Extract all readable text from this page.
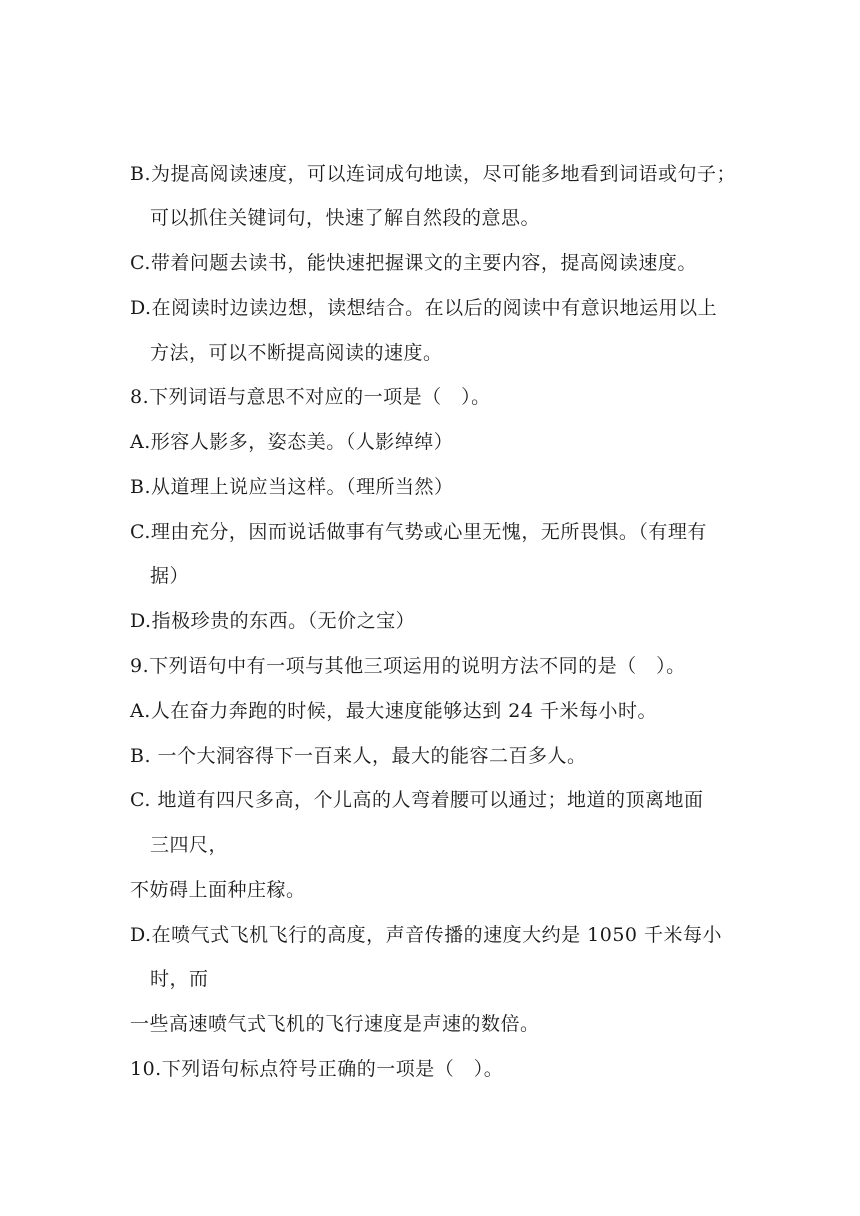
B.为提高阅读速度，可以连词成句地读，尽可能多地看到词语或句子；
可以抓住关键词句，快速了解自然段的意思。
C.带着问题去读书，能快速把握课文的主要内容，提高阅读速度。
D.在阅读时边读边想，读想结合。在以后的阅读中有意识地运用以上
方法，可以不断提高阅读的速度。
8.下列词语与意思不对应的一项是（　）。
A.形容人影多，姿态美。（人影绰绰）
B.从道理上说应当这样。（理所当然）
C.理由充分，因而说话做事有气势或心里无愧，无所畏惧。（有理有
据）
D.指极珍贵的东西。（无价之宝）
9.下列语句中有一项与其他三项运用的说明方法不同的是（　）。
A.人在奋力奔跑的时候，最大速度能够达到 24 千米每小时。
B. 一个大洞容得下一百来人，最大的能容二百多人。
C. 地道有四尺多高，个儿高的人弯着腰可以通过；地道的顶离地面
三四尺，
不妨碍上面种庄稼。
D.在喷气式飞机飞行的高度，声音传播的速度大约是 1050 千米每小
时，而
一些高速喷气式飞机的飞行速度是声速的数倍。
10.下列语句标点符号正确的一项是（　）。
